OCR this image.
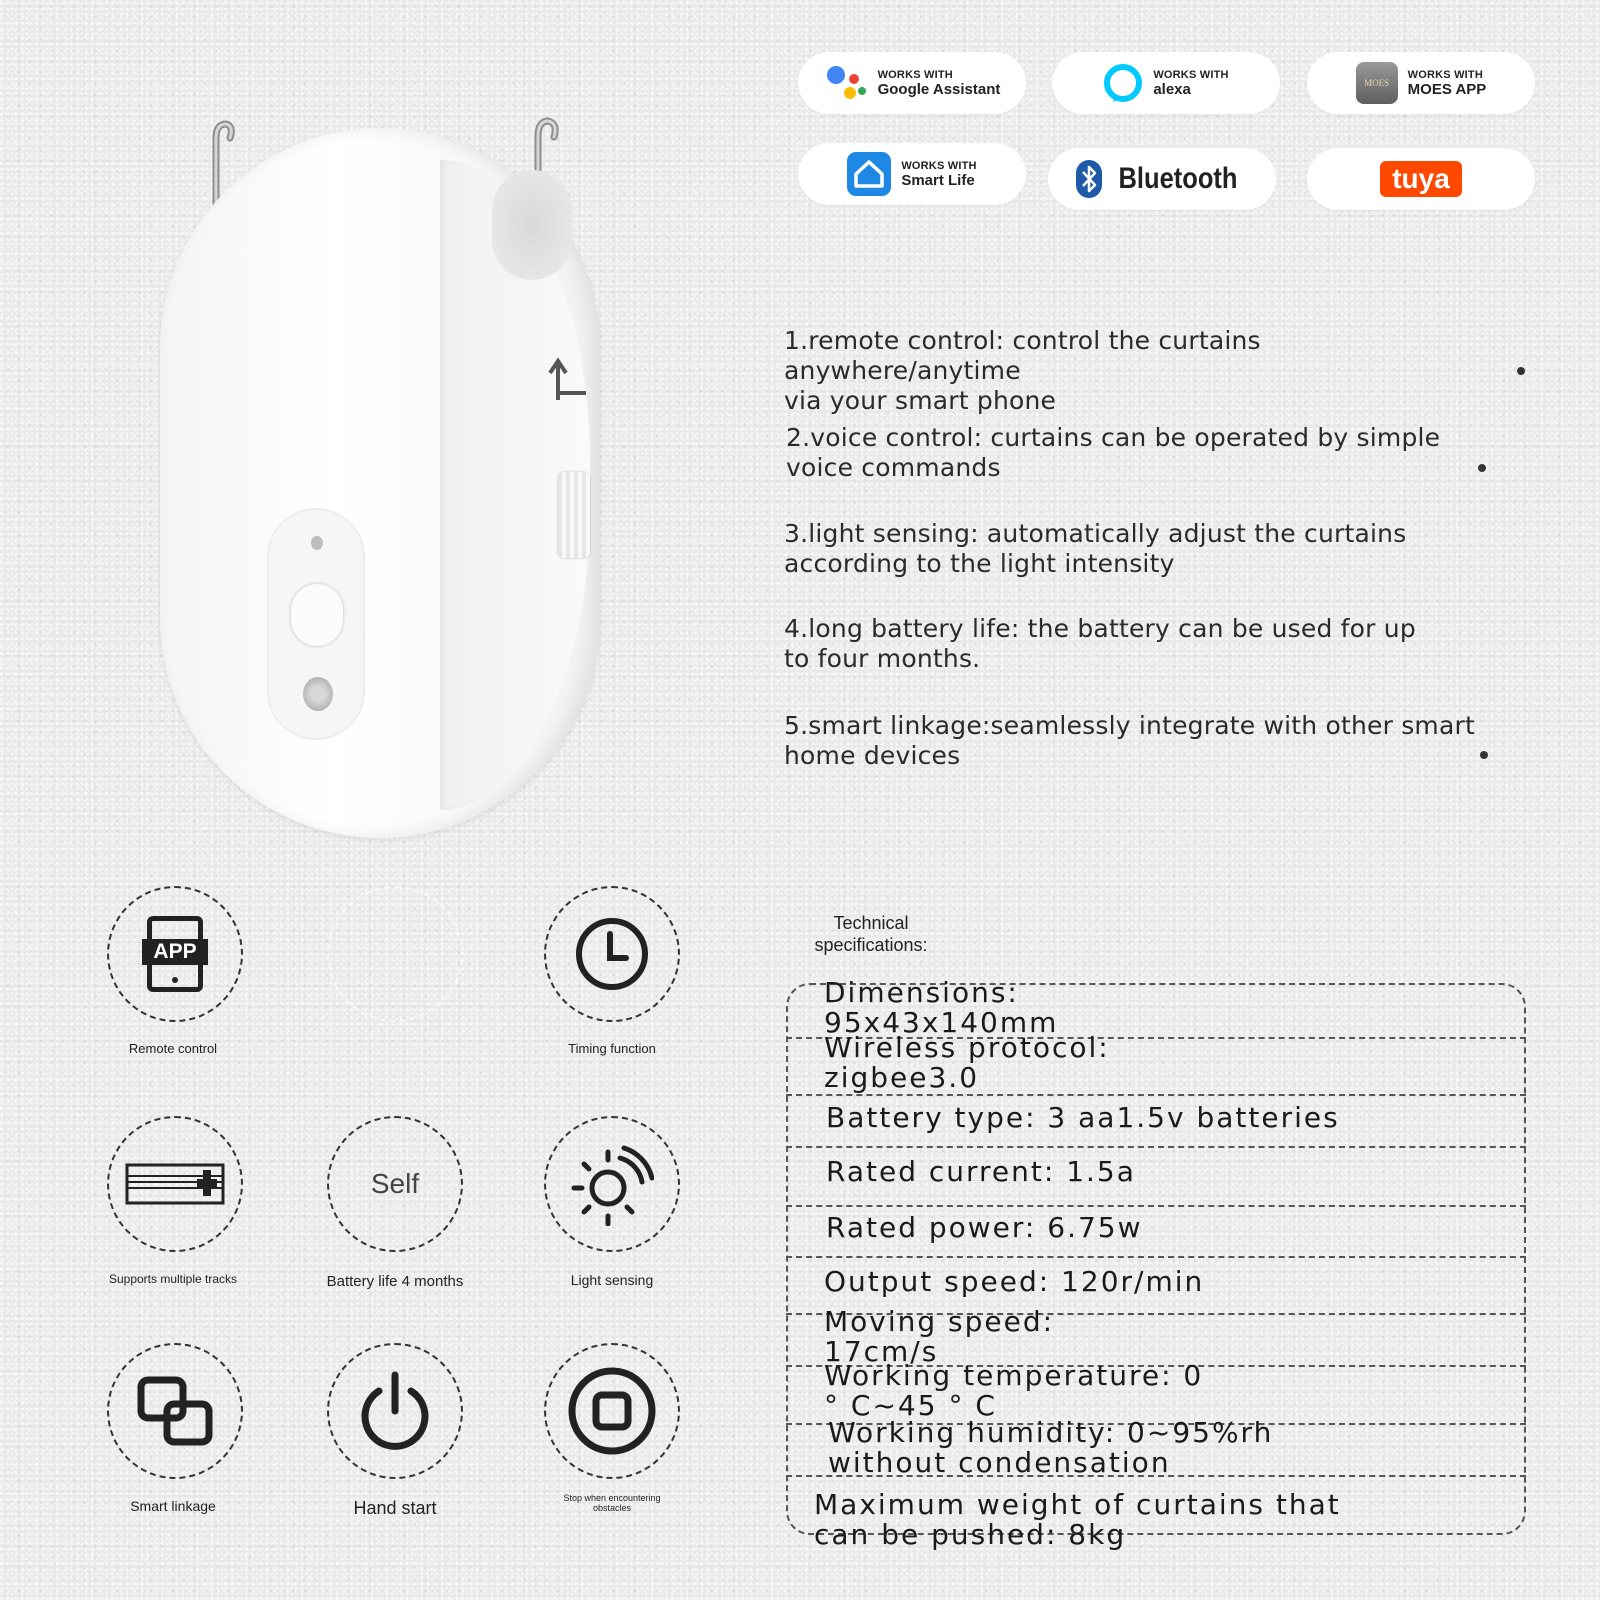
WORKS WITH
Google Assistant
WORKS WITH
alexa	MOES
WORKS WITH
MOES APP
WORKS WITH
Smart Life	Bluetooth	tuya
1.remote control: control the curtains anywhere/anytime
via your smart phone
2.voice control: curtains can be operated by simple
voice commands
3.light sensing: automatically adjust the curtains
according to the light intensity
4.long battery life: the battery can be used for up
to four months.
5.smart linkage:seamlessly integrate with other smart
home devices
APP
Remote control	Timing function
Supports multiple tracks
Self
Battery life 4 months	Light sensing
Smart linkage	Hand start	Stop when encountering obstacles
Technical
specifications:
Dimensions:
95x43x140mm
Wireless protocol:
zigbee3.0
Battery type: 3 aa1.5v batteries
Rated current: 1.5a
Rated power: 6.75w
Output speed: 120r/min
Moving speed:
17cm/s
Working temperature: 0
° C~45 ° C
Working humidity: 0~95%rh
without condensation
Maximum weight of curtains that
can be pushed: 8kg
